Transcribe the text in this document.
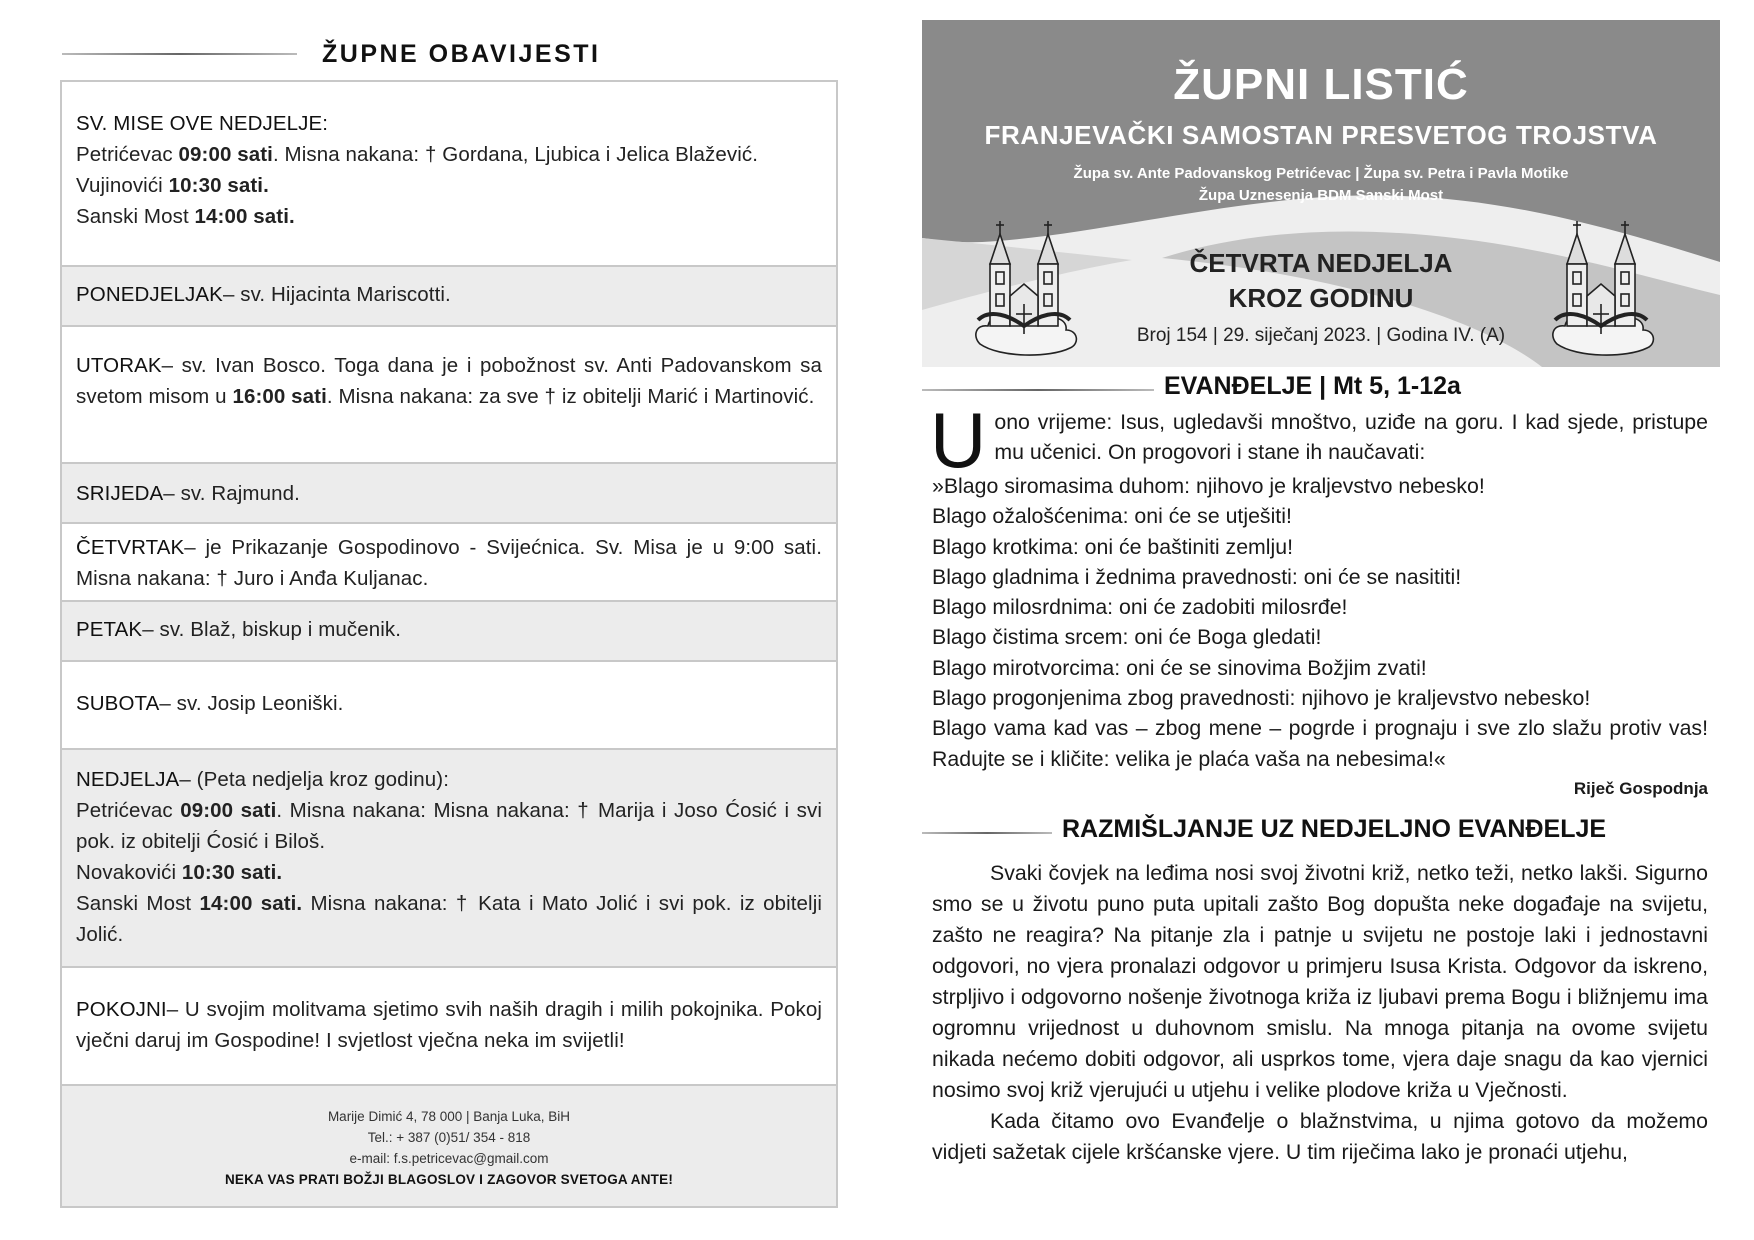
ŽUPNE OBAVIJESTI

SV. MISE OVE NEDJELJE:

Petrićevac 09:00 sati. Misna nakana: † Gordana, Ljubica i Jelica Blažević.

Vujinovići 10:30 sati.

Sanski Most 14:00 sati.

PONEDJELJAK– sv. Hijacinta Mariscotti.

UTORAK– sv. Ivan Bosco. Toga dana je i pobožnost sv. Anti Padovanskom sa svetom misom u 16:00 sati. Misna nakana: za sve † iz obitelji Marić i Martinović.

SRIJEDA– sv. Rajmund.

ČETVRTAK– je Prikazanje Gospodinovo - Svijećnica. Sv. Misa je u 9:00 sati. Misna nakana: † Juro i Anđa Kuljanac.

PETAK– sv. Blaž, biskup i mučenik.

SUBOTA– sv. Josip Leoniški.

NEDJELJA– (Peta nedjelja kroz godinu):

Petrićevac 09:00 sati. Misna nakana: Misna nakana: † Marija i Joso Ćosić i svi pok. iz obitelji Ćosić i Biloš.

Novakovići 10:30 sati.

Sanski Most 14:00 sati. Misna nakana: † Kata i Mato Jolić i svi pok. iz obitelji Jolić.

POKOJNI– U svojim molitvama sjetimo svih naših dragih i milih pokojnika. Pokoj vječni daruj im Gospodine! I svjetlost vječna neka im svijetli!

Marije Dimić 4, 78 000 | Banja Luka, BiH
Tel.: + 387 (0)51/ 354 - 818
e-mail: f.s.petricevac@gmail.com
NEKA VAS PRATI BOŽJI BLAGOSLOV I ZAGOVOR SVETOGA ANTE!
ŽUPNI LISTIĆ
FRANJEVAČKI SAMOSTAN PRESVETOG TROJSTVA
Župa sv. Ante Padovanskog Petrićevac | Župa sv. Petra i Pavla Motike
Župa Uznesenja BDM Sanski Most
ČETVRTA NEDJELJA
KROZ GODINU
Broj 154 | 29. siječanj 2023. | Godina IV. (A)
EVANĐELJE | Mt 5, 1-12a

Uono vrijeme: Isus, ugledavši mnoštvo, uziđe na goru. I kad sjede, pristupe mu učenici. On progovori i stane ih naučavati:

»Blago siromasima duhom: njihovo je kraljevstvo nebesko!

Blago ožalošćenima: oni će se utješiti!

Blago krotkima: oni će baštiniti zemlju!

Blago gladnima i žednima pravednosti: oni će se nasititi!

Blago milosrdnima: oni će zadobiti milosrđe!

Blago čistima srcem: oni će Boga gledati!

Blago mirotvorcima: oni će se sinovima Božjim zvati!

Blago progonjenima zbog pravednosti: njihovo je kraljevstvo nebesko!

Blago vama kad vas – zbog mene – pogrde i prognaju i sve zlo slažu protiv vas! Radujte se i kličite: velika je plaća vaša na nebesima!«

Riječ Gospodnja

RAZMIŠLJANJE UZ NEDJELJNO EVANĐELJE

Svaki čovjek na leđima nosi svoj životni križ, netko teži, netko lakši. Sigurno smo se u životu puno puta upitali zašto Bog dopušta neke događaje na svijetu, zašto ne reagira? Na pitanje zla i patnje u svijetu ne postoje laki i jednostavni odgovori, no vjera pronalazi odgovor u primjeru Isusa Krista. Odgovor da iskreno, strpljivo i odgovorno nošenje životnoga križa iz ljubavi prema Bogu i bližnjemu ima ogromnu vrijednost u duhovnom smislu. Na mnoga pitanja na ovome svijetu nikada nećemo dobiti odgovor, ali usprkos tome, vjera daje snagu da kao vjernici nosimo svoj križ vjerujući u utjehu i velike plodove križa u Vječnosti.

Kada čitamo ovo Evanđelje o blažnstvima, u njima gotovo da možemo vidjeti sažetak cijele kršćanske vjere. U tim riječima lako je pronaći utjehu,
